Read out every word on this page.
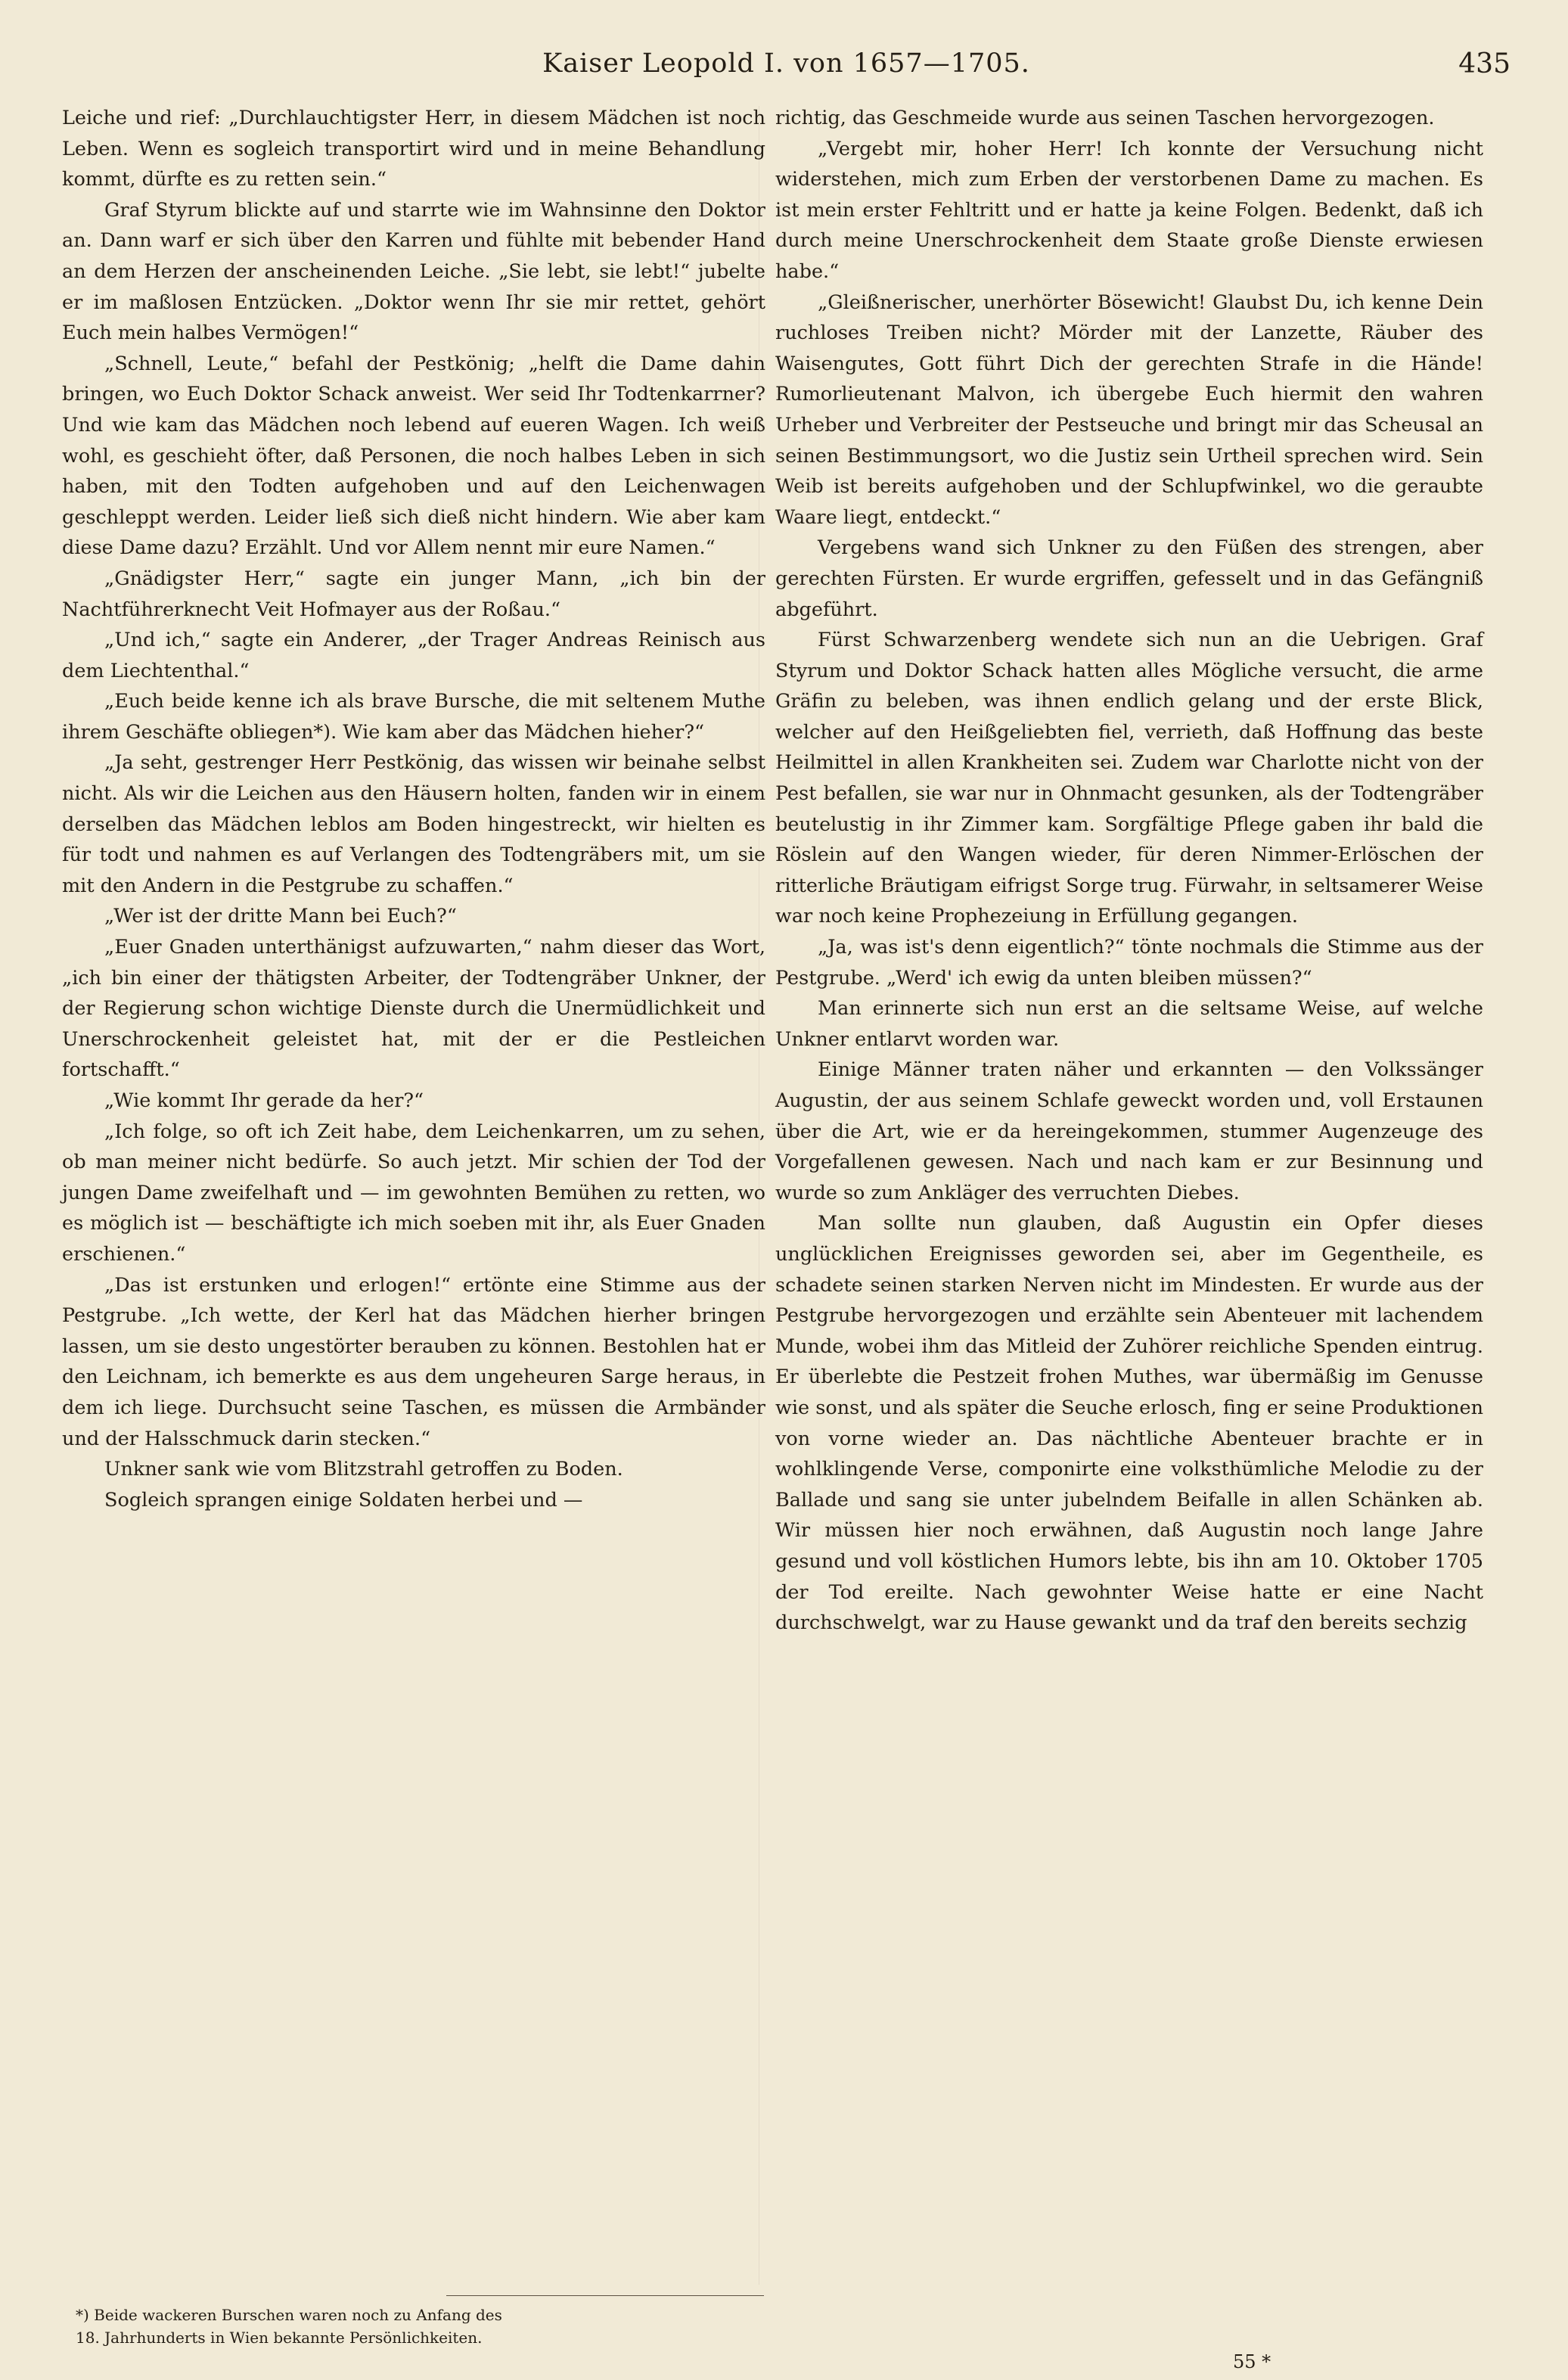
Kaiser Leopold I. von 1657—1705.	435

Leiche und rief: „Durchlauchtigster Herr, in diesem Mädchen ist noch Leben. Wenn es sogleich transportirt wird und in meine Behandlung kommt, dürfte es zu retten sein.“

Graf Styrum blickte auf und starrte wie im Wahnsinne den Doktor an. Dann warf er sich über den Karren und fühlte mit bebender Hand an dem Herzen der anscheinenden Leiche. „Sie lebt, sie lebt!“ jubelte er im maßlosen Entzücken. „Doktor wenn Ihr sie mir rettet, gehört Euch mein halbes Vermögen!“

„Schnell, Leute,“ befahl der Pestkönig; „helft die Dame dahin bringen, wo Euch Doktor Schack anweist. Wer seid Ihr Todtenkarrner? Und wie kam das Mädchen noch lebend auf eueren Wagen. Ich weiß wohl, es geschieht öfter, daß Personen, die noch halbes Leben in sich haben, mit den Todten aufgehoben und auf den Leichenwagen geschleppt werden. Leider ließ sich dieß nicht hindern. Wie aber kam diese Dame dazu? Erzählt. Und vor Allem nennt mir eure Namen.“

„Gnädigster Herr,“ sagte ein junger Mann, „ich bin der Nachtführerknecht Veit Hofmayer aus der Roßau.“

„Und ich,“ sagte ein Anderer, „der Trager Andreas Reinisch aus dem Liechtenthal.“

„Euch beide kenne ich als brave Bursche, die mit seltenem Muthe ihrem Geschäfte obliegen*). Wie kam aber das Mädchen hieher?“

„Ja seht, gestrenger Herr Pestkönig, das wissen wir beinahe selbst nicht. Als wir die Leichen aus den Häusern holten, fanden wir in einem derselben das Mädchen leblos am Boden hingestreckt, wir hielten es für todt und nahmen es auf Verlangen des Todtengräbers mit, um sie mit den Andern in die Pestgrube zu schaffen.“

„Wer ist der dritte Mann bei Euch?“

„Euer Gnaden unterthänigst aufzuwarten,“ nahm dieser das Wort, „ich bin einer der thätigsten Arbeiter, der Todtengräber Unkner, der der Regierung schon wichtige Dienste durch die Unermüdlichkeit und Unerschrockenheit geleistet hat, mit der er die Pestleichen fortschafft.“

„Wie kommt Ihr gerade da her?“

„Ich folge, so oft ich Zeit habe, dem Leichenkarren, um zu sehen, ob man meiner nicht bedürfe. So auch jetzt. Mir schien der Tod der jungen Dame zweifelhaft und — im gewohnten Bemühen zu retten, wo es möglich ist — beschäftigte ich mich soeben mit ihr, als Euer Gnaden erschienen.“

„Das ist erstunken und erlogen!“ ertönte eine Stimme aus der Pestgrube. „Ich wette, der Kerl hat das Mädchen hierher bringen lassen, um sie desto ungestörter berauben zu können. Bestohlen hat er den Leichnam, ich bemerkte es aus dem ungeheuren Sarge heraus, in dem ich liege. Durchsucht seine Taschen, es müssen die Armbänder und der Halsschmuck darin stecken.“

Unkner sank wie vom Blitzstrahl getroffen zu Boden.

Sogleich sprangen einige Soldaten herbei und —

richtig, das Geschmeide wurde aus seinen Taschen hervorgezogen.

„Vergebt mir, hoher Herr! Ich konnte der Versuchung nicht widerstehen, mich zum Erben der verstorbenen Dame zu machen. Es ist mein erster Fehltritt und er hatte ja keine Folgen. Bedenkt, daß ich durch meine Unerschrockenheit dem Staate große Dienste erwiesen habe.“

„Gleißnerischer, unerhörter Bösewicht! Glaubst Du, ich kenne Dein ruchloses Treiben nicht? Mörder mit der Lanzette, Räuber des Waisengutes, Gott führt Dich der gerechten Strafe in die Hände! Rumorlieutenant Malvon, ich übergebe Euch hiermit den wahren Urheber und Verbreiter der Pestseuche und bringt mir das Scheusal an seinen Bestimmungsort, wo die Justiz sein Urtheil sprechen wird. Sein Weib ist bereits aufgehoben und der Schlupfwinkel, wo die geraubte Waare liegt, entdeckt.“

Vergebens wand sich Unkner zu den Füßen des strengen, aber gerechten Fürsten. Er wurde ergriffen, gefesselt und in das Gefängniß abgeführt.

Fürst Schwarzenberg wendete sich nun an die Uebrigen. Graf Styrum und Doktor Schack hatten alles Mögliche versucht, die arme Gräfin zu beleben, was ihnen endlich gelang und der erste Blick, welcher auf den Heißgeliebten fiel, verrieth, daß Hoffnung das beste Heilmittel in allen Krankheiten sei. Zudem war Charlotte nicht von der Pest befallen, sie war nur in Ohnmacht gesunken, als der Todtengräber beutelustig in ihr Zimmer kam. Sorgfältige Pflege gaben ihr bald die Röslein auf den Wangen wieder, für deren Nimmer-Erlöschen der ritterliche Bräutigam eifrigst Sorge trug. Fürwahr, in seltsamerer Weise war noch keine Prophezeiung in Erfüllung gegangen.

„Ja, was ist's denn eigentlich?“ tönte nochmals die Stimme aus der Pestgrube. „Werd' ich ewig da unten bleiben müssen?“

Man erinnerte sich nun erst an die seltsame Weise, auf welche Unkner entlarvt worden war.

Einige Männer traten näher und erkannten — den Volkssänger Augustin, der aus seinem Schlafe geweckt worden und, voll Erstaunen über die Art, wie er da hereingekommen, stummer Augenzeuge des Vorgefallenen gewesen. Nach und nach kam er zur Besinnung und wurde so zum Ankläger des verruchten Diebes.

Man sollte nun glauben, daß Augustin ein Opfer dieses unglücklichen Ereignisses geworden sei, aber im Gegentheile, es schadete seinen starken Nerven nicht im Mindesten. Er wurde aus der Pestgrube hervorgezogen und erzählte sein Abenteuer mit lachendem Munde, wobei ihm das Mitleid der Zuhörer reichliche Spenden eintrug. Er überlebte die Pestzeit frohen Muthes, war übermäßig im Genusse wie sonst, und als später die Seuche erlosch, fing er seine Produktionen von vorne wieder an. Das nächtliche Abenteuer brachte er in wohlklingende Verse, componirte eine volksthümliche Melodie zu der Ballade und sang sie unter jubelndem Beifalle in allen Schänken ab. Wir müssen hier noch erwähnen, daß Augustin noch lange Jahre gesund und voll köstlichen Humors lebte, bis ihn am 10. Oktober 1705 der Tod ereilte. Nach gewohnter Weise hatte er eine Nacht durchschwelgt, war zu Hause gewankt und da traf den bereits sechzig

*) Beide wackeren Burschen waren noch zu Anfang des
18. Jahrhunderts in Wien bekannte Persönlichkeiten.
55 *
